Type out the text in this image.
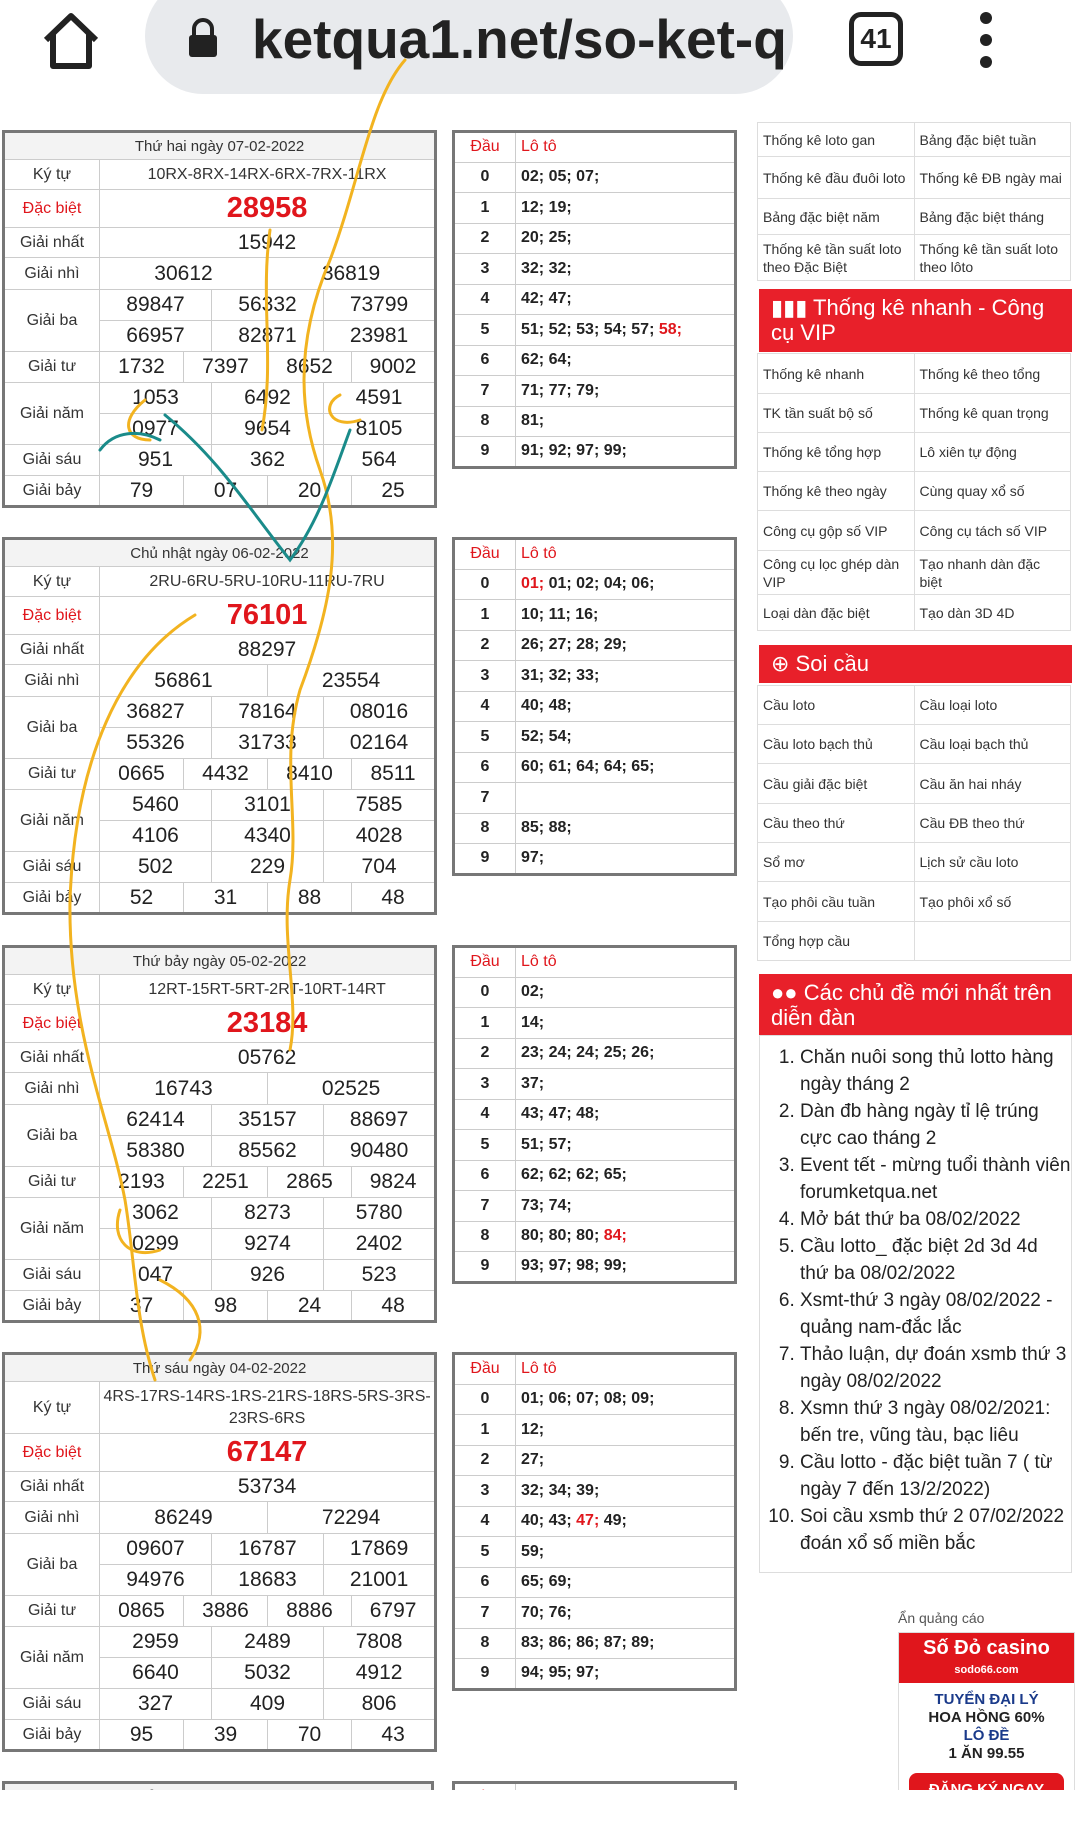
ketqua1.net/so-ket-q	41
Thứ hai ngày 07-02-2022						
Ký tự	10RX-8RX-14RX-6RX-7RX-11RX					
Đặc biệt	28958					
Giải nhất	15942					
Giải nhì	30612			36819		
Giải ba	89847		56332		73799	
	66957		82871		23981	
Giải tư	1732	7397		8652		9002
Giải năm	1053		6492		4591	
	0977		9654		8105	
Giải sáu	951		362		564	
Giải bảy	79	07		20		25
Đầu	Lô tô
0	02; 05; 07;
1	12; 19;
2	20; 25;
3	32; 32;
4	42; 47;
5	51; 52; 53; 54; 57; 58;
6	62; 64;
7	71; 77; 79;
8	81;
9	91; 92; 97; 99;
Chủ nhật ngày 06-02-2022						
Ký tự	2RU-6RU-5RU-10RU-11RU-7RU					
Đặc biệt	76101					
Giải nhất	88297					
Giải nhì	56861			23554		
Giải ba	36827		78164		08016	
	55326		31733		02164	
Giải tư	0665	4432		8410		8511
Giải năm	5460		3101		7585	
	4106		4340		4028	
Giải sáu	502		229		704	
Giải bảy	52	31		88		48
Đầu	Lô tô
0	01; 01; 02; 04; 06;
1	10; 11; 16;
2	26; 27; 28; 29;
3	31; 32; 33;
4	40; 48;
5	52; 54;
6	60; 61; 64; 64; 65;
7	
8	85; 88;
9	97;
Thứ bảy ngày 05-02-2022						
Ký tự	12RT-15RT-5RT-2RT-10RT-14RT					
Đặc biệt	23184					
Giải nhất	05762					
Giải nhì	16743			02525		
Giải ba	62414		35157		88697	
	58380		85562		90480	
Giải tư	2193	2251		2865		9824
Giải năm	3062		8273		5780	
	0299		9274		2402	
Giải sáu	047		926		523	
Giải bảy	37	98		24		48
Đầu	Lô tô
0	02;
1	14;
2	23; 24; 24; 25; 26;
3	37;
4	43; 47; 48;
5	51; 57;
6	62; 62; 62; 65;
7	73; 74;
8	80; 80; 80; 84;
9	93; 97; 98; 99;
Thứ sáu ngày 04-02-2022						
Ký tự	4RS-17RS-14RS-1RS-21RS-18RS-5RS-3RS-23RS-6RS					
Đặc biệt	67147					
Giải nhất	53734					
Giải nhì	86249			72294		
Giải ba	09607		16787		17869	
	94976		18683		21001	
Giải tư	0865	3886		8886		6797
Giải năm	2959		2489		7808	
	6640		5032		4912	
Giải sáu	327		409		806	
Giải bảy	95	39		70		43
Đầu	Lô tô
0	01; 06; 07; 08; 09;
1	12;
2	27;
3	32; 34; 39;
4	40; 43; 47; 49;
5	59;
6	65; 69;
7	70; 76;
8	83; 86; 86; 87; 89;
9	94; 95; 97;

Thống kê loto gan	Bảng đặc biệt tuần
Thống kê đầu đuôi loto	Thống kê ĐB ngày mai
Bảng đặc biệt năm	Bảng đặc biệt tháng
Thống kê tần suất loto theo Đặc Biệt	Thống kê tần suất loto theo lôto
▮▮▮ Thống kê nhanh - Công cụ VIP
Thống kê nhanh	Thống kê theo tổng
TK tần suất bộ số	Thống kê quan trọng
Thống kê tổng hợp	Lô xiên tự động
Thống kê theo ngày	Cùng quay xổ số
Công cụ gộp số VIP	Công cụ tách số VIP
Công cụ lọc ghép dàn VIP	Tạo nhanh dàn đặc biệt
Loại dàn đặc biệt	Tạo dàn 3D 4D
⊕ Soi cầu
Cầu loto	Cầu loại loto
Cầu loto bạch thủ	Cầu loại bạch thủ
Cầu giải đặc biệt	Cầu ăn hai nháy
Cầu theo thứ	Cầu ĐB theo thứ
Sổ mơ	Lịch sử cầu loto
Tạo phôi cầu tuần	Tạo phôi xổ số
Tổng hợp cầu	
●● Các chủ đề mới nhất trên diễn đàn
1. Chăn nuôi song thủ lotto hàng ngày tháng 2
2. Dàn đb hàng ngày tỉ lệ trúng cực cao tháng 2
3. Event tết - mừng tuổi thành viên forumketqua.net
4. Mở bát thứ ba 08/02/2022
5. Cầu lotto_ đặc biệt 2d 3d 4d thứ ba 08/02/2022
6. Xsmt-thứ 3 ngày 08/02/2022 - quảng nam-đắc lắc
7. Thảo luận, dự đoán xsmb thứ 3 ngày 08/02/2022
8. Xsmn thứ 3 ngày 08/02/2021: bến tre, vũng tàu, bạc liêu
9. Cầu lotto - đặc biệt tuần 7 ( từ ngày 7 đến 13/2/2022)
10. Soi cầu xsmb thứ 2 07/02/2022 đoán xổ số miền bắc
Ẩn quảng cáo
Số Đỏ casino
sodo66.com
TUYỂN ĐẠI LÝ
HOA HỒNG 60%
LÔ ĐỀ
1 ĂN 99.55
